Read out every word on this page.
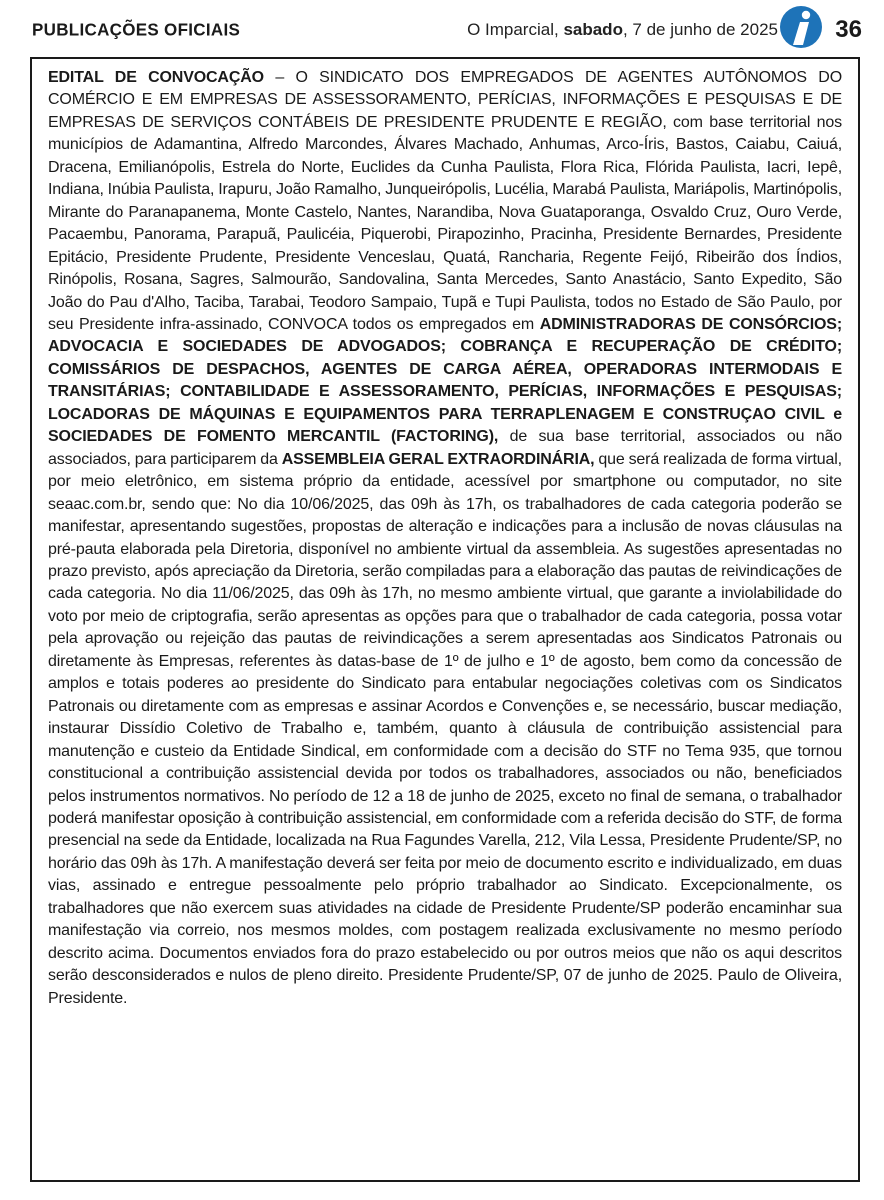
PUBLICAÇÕES OFICIAIS	O Imparcial, sabado, 7 de junho de 2025 36

EDITAL DE CONVOCAÇÃO – O SINDICATO DOS EMPREGADOS DE AGENTES AUTÔNOMOS DO COMÉRCIO E EM EMPRESAS DE ASSESSORAMENTO, PERÍCIAS, INFORMAÇÕES E PESQUISAS E DE EMPRESAS DE SERVIÇOS CONTÁBEIS DE PRESIDENTE PRUDENTE E REGIÃO, com base territorial nos municípios de Adamantina, Alfredo Marcondes, Álvares Machado, Anhumas, Arco-Íris, Bastos, Caiabu, Caiuá, Dracena, Emilianópolis, Estrela do Norte, Euclides da Cunha Paulista, Flora Rica, Flórida Paulista, Iacri, Iepê, Indiana, Inúbia Paulista, Irapuru, João Ramalho, Junqueirópolis, Lucélia, Marabá Paulista, Mariápolis, Martinópolis, Mirante do Paranapanema, Monte Castelo, Nantes, Narandiba, Nova Guataporanga, Osvaldo Cruz, Ouro Verde, Pacaembu, Panorama, Parapuã, Paulicéia, Piquerobi, Pirapozinho, Pracinha, Presidente Bernardes, Presidente Epitácio, Presidente Prudente, Presidente Venceslau, Quatá, Rancharia, Regente Feijó, Ribeirão dos Índios, Rinópolis, Rosana, Sagres, Salmourão, Sandovalina, Santa Mercedes, Santo Anastácio, Santo Expedito, São João do Pau d'Alho, Taciba, Tarabai, Teodoro Sampaio, Tupã e Tupi Paulista, todos no Estado de São Paulo, por seu Presidente infra-assinado, CONVOCA todos os empregados em ADMINISTRADORAS DE CONSÓRCIOS; ADVOCACIA E SOCIEDADES DE ADVOGADOS; COBRANÇA E RECUPERAÇÃO DE CRÉDITO; COMISSÁRIOS DE DESPACHOS, AGENTES DE CARGA AÉREA, OPERADORAS INTERMODAIS E TRANSITÁRIAS; CONTABILIDADE E ASSESSORAMENTO, PERÍCIAS, INFORMAÇÕES E PESQUISAS; LOCADORAS DE MÁQUINAS E EQUIPAMENTOS PARA TERRAPLENAGEM E CONSTRUÇAO CIVIL e SOCIEDADES DE FOMENTO MERCANTIL (FACTORING), de sua base territorial, associados ou não associados, para participarem da ASSEMBLEIA GERAL EXTRAORDINÁRIA, que será realizada de forma virtual, por meio eletrônico, em sistema próprio da entidade, acessível por smartphone ou computador, no site seaac.com.br, sendo que: No dia 10/06/2025, das 09h às 17h, os trabalhadores de cada categoria poderão se manifestar, apresentando sugestões, propostas de alteração e indicações para a inclusão de novas cláusulas na pré-pauta elaborada pela Diretoria, disponível no ambiente virtual da assembleia. As sugestões apresentadas no prazo previsto, após apreciação da Diretoria, serão compiladas para a elaboração das pautas de reivindicações de cada categoria. No dia 11/06/2025, das 09h às 17h, no mesmo ambiente virtual, que garante a inviolabilidade do voto por meio de criptografia, serão apresentas as opções para que o trabalhador de cada categoria, possa votar pela aprovação ou rejeição das pautas de reivindicações a serem apresentadas aos Sindicatos Patronais ou diretamente às Empresas, referentes às datas-base de 1º de julho e 1º de agosto, bem como da concessão de amplos e totais poderes ao presidente do Sindicato para entabular negociações coletivas com os Sindicatos Patronais ou diretamente com as empresas e assinar Acordos e Convenções e, se necessário, buscar mediação, instaurar Dissídio Coletivo de Trabalho e, também, quanto à cláusula de contribuição assistencial para manutenção e custeio da Entidade Sindical, em conformidade com a decisão do STF no Tema 935, que tornou constitucional a contribuição assistencial devida por todos os trabalhadores, associados ou não, beneficiados pelos instrumentos normativos. No período de 12 a 18 de junho de 2025, exceto no final de semana, o trabalhador poderá manifestar oposição à contribuição assistencial, em conformidade com a referida decisão do STF, de forma presencial na sede da Entidade, localizada na Rua Fagundes Varella, 212, Vila Lessa, Presidente Prudente/SP, no horário das 09h às 17h. A manifestação deverá ser feita por meio de documento escrito e individualizado, em duas vias, assinado e entregue pessoalmente pelo próprio trabalhador ao Sindicato. Excepcionalmente, os trabalhadores que não exercem suas atividades na cidade de Presidente Prudente/SP poderão encaminhar sua manifestação via correio, nos mesmos moldes, com postagem realizada exclusivamente no mesmo período descrito acima. Documentos enviados fora do prazo estabelecido ou por outros meios que não os aqui descritos serão desconsiderados e nulos de pleno direito. Presidente Prudente/SP, 07 de junho de 2025. Paulo de Oliveira, Presidente.
